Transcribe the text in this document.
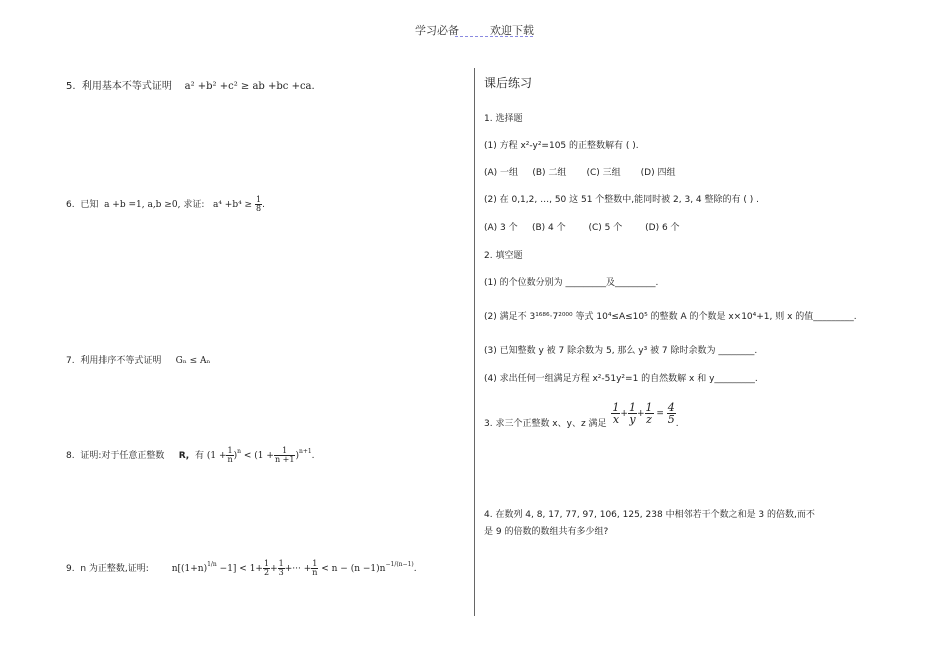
学习必备	欢迎下载
5. 利用基本不等式证明 a² +b² +c² ≥ ab +bc +ca.
6. 已知 a +b =1, a,b ≥0, 求证: $a^4 +b^4 \ge \frac{1}{8}$ .
7. 利用排序不等式证明 Gₙ ≤ Aₙ
8. 证明:对于任意正整数 R, 有 $(1 + \frac{1}{n} )^n < (1 + \frac{1}{n +1} )^{n+1}$.
9. n 为正整数,证明:	$n[(1+n)^{1/n} -1] < 1+ \frac{1}{2} + \frac{1}{3}$ +··· + $\frac{1}{n} < n - (n -1)n^{-1/(n-1)}$.
课后练习
1. 选择题
(1) 方程 x²-y²=105 的正整数解有 ( ).
(A) 一组 (B) 二组 (C) 三组 (D) 四组
(2) 在 0,1,2, …, 50 这 51 个整数中,能同时被 2, 3, 4 整除的有 ( ) .
(A) 3 个 (B) 4 个	(C) 5 个	(D) 6 个
2. 填空题
(1) 的个位数分别为 _________及_________.
(2) 满足不 3¹⁶⁸⁶·7²⁰⁰⁰ 等式 10⁴≤A≤10⁵ 的整数 A 的个数是 x×10⁴+1, 则 x 的值_________.
(3) 已知整数 y 被 7 除余数为 5, 那么 y³ 被 7 除时余数为 ________.
(4) 求出任何一组满足方程 x²-51y²=1 的自然数解 x 和 y_________.
3. 求三个正整数 x、y、z 满足 $\frac{1}{x} + \frac{1}{y} + \frac{1}{z} = \frac{4}{5}$ .
4. 在数列 4, 8, 17, 77, 97, 106, 125, 238 中相邻若干个数之和是 3 的倍数,而不
是 9 的倍数的数组共有多少组?
